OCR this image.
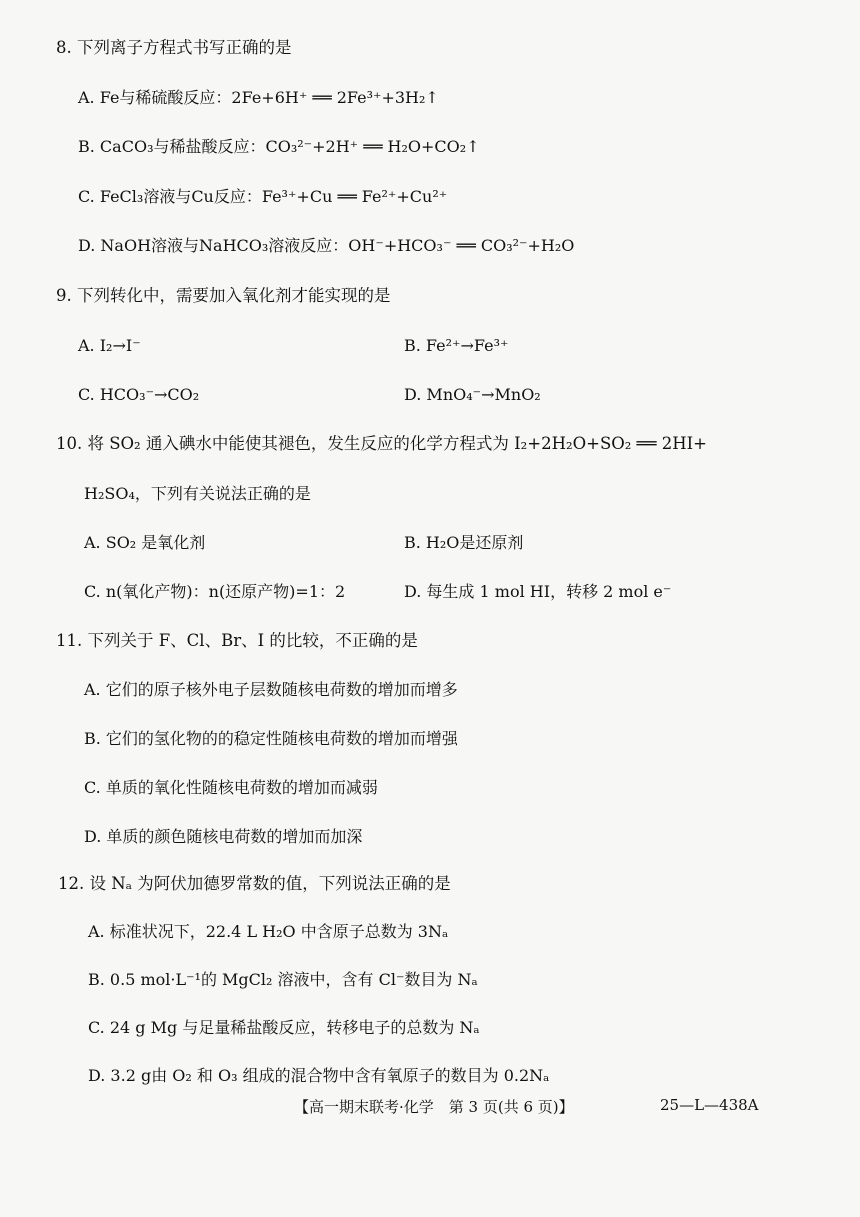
8. 下列离子方程式书写正确的是
A. Fe与稀硫酸反应：2Fe+6H⁺ ══ 2Fe³⁺+3H₂↑
B. CaCO₃与稀盐酸反应：CO₃²⁻+2H⁺ ══ H₂O+CO₂↑
C. FeCl₃溶液与Cu反应：Fe³⁺+Cu ══ Fe²⁺+Cu²⁺
D. NaOH溶液与NaHCO₃溶液反应：OH⁻+HCO₃⁻ ══ CO₃²⁻+H₂O
9. 下列转化中，需要加入氧化剂才能实现的是
A. I₂→I⁻	B. Fe²⁺→Fe³⁺
C. HCO₃⁻→CO₂	D. MnO₄⁻→MnO₂
10. 将 SO₂ 通入碘水中能使其褪色，发生反应的化学方程式为 I₂+2H₂O+SO₂ ══ 2HI+
H₂SO₄，下列有关说法正确的是
A. SO₂ 是氧化剂	B. H₂O是还原剂
C. n(氧化产物)：n(还原产物)=1：2	D. 每生成 1 mol HI，转移 2 mol e⁻
11. 下列关于 F、Cl、Br、I 的比较，不正确的是
A. 它们的原子核外电子层数随核电荷数的增加而增多
B. 它们的氢化物的的稳定性随核电荷数的增加而增强
C. 单质的氧化性随核电荷数的增加而减弱
D. 单质的颜色随核电荷数的增加而加深
12. 设 Nₐ 为阿伏加德罗常数的值，下列说法正确的是
A. 标准状况下，22.4 L H₂O 中含原子总数为 3Nₐ
B. 0.5 mol·L⁻¹的 MgCl₂ 溶液中，含有 Cl⁻数目为 Nₐ
C. 24 g Mg 与足量稀盐酸反应，转移电子的总数为 Nₐ
D. 3.2 g由 O₂ 和 O₃ 组成的混合物中含有氧原子的数目为 0.2Nₐ
【高一期末联考·化学　第 3 页(共 6 页)】	25—L—438A
